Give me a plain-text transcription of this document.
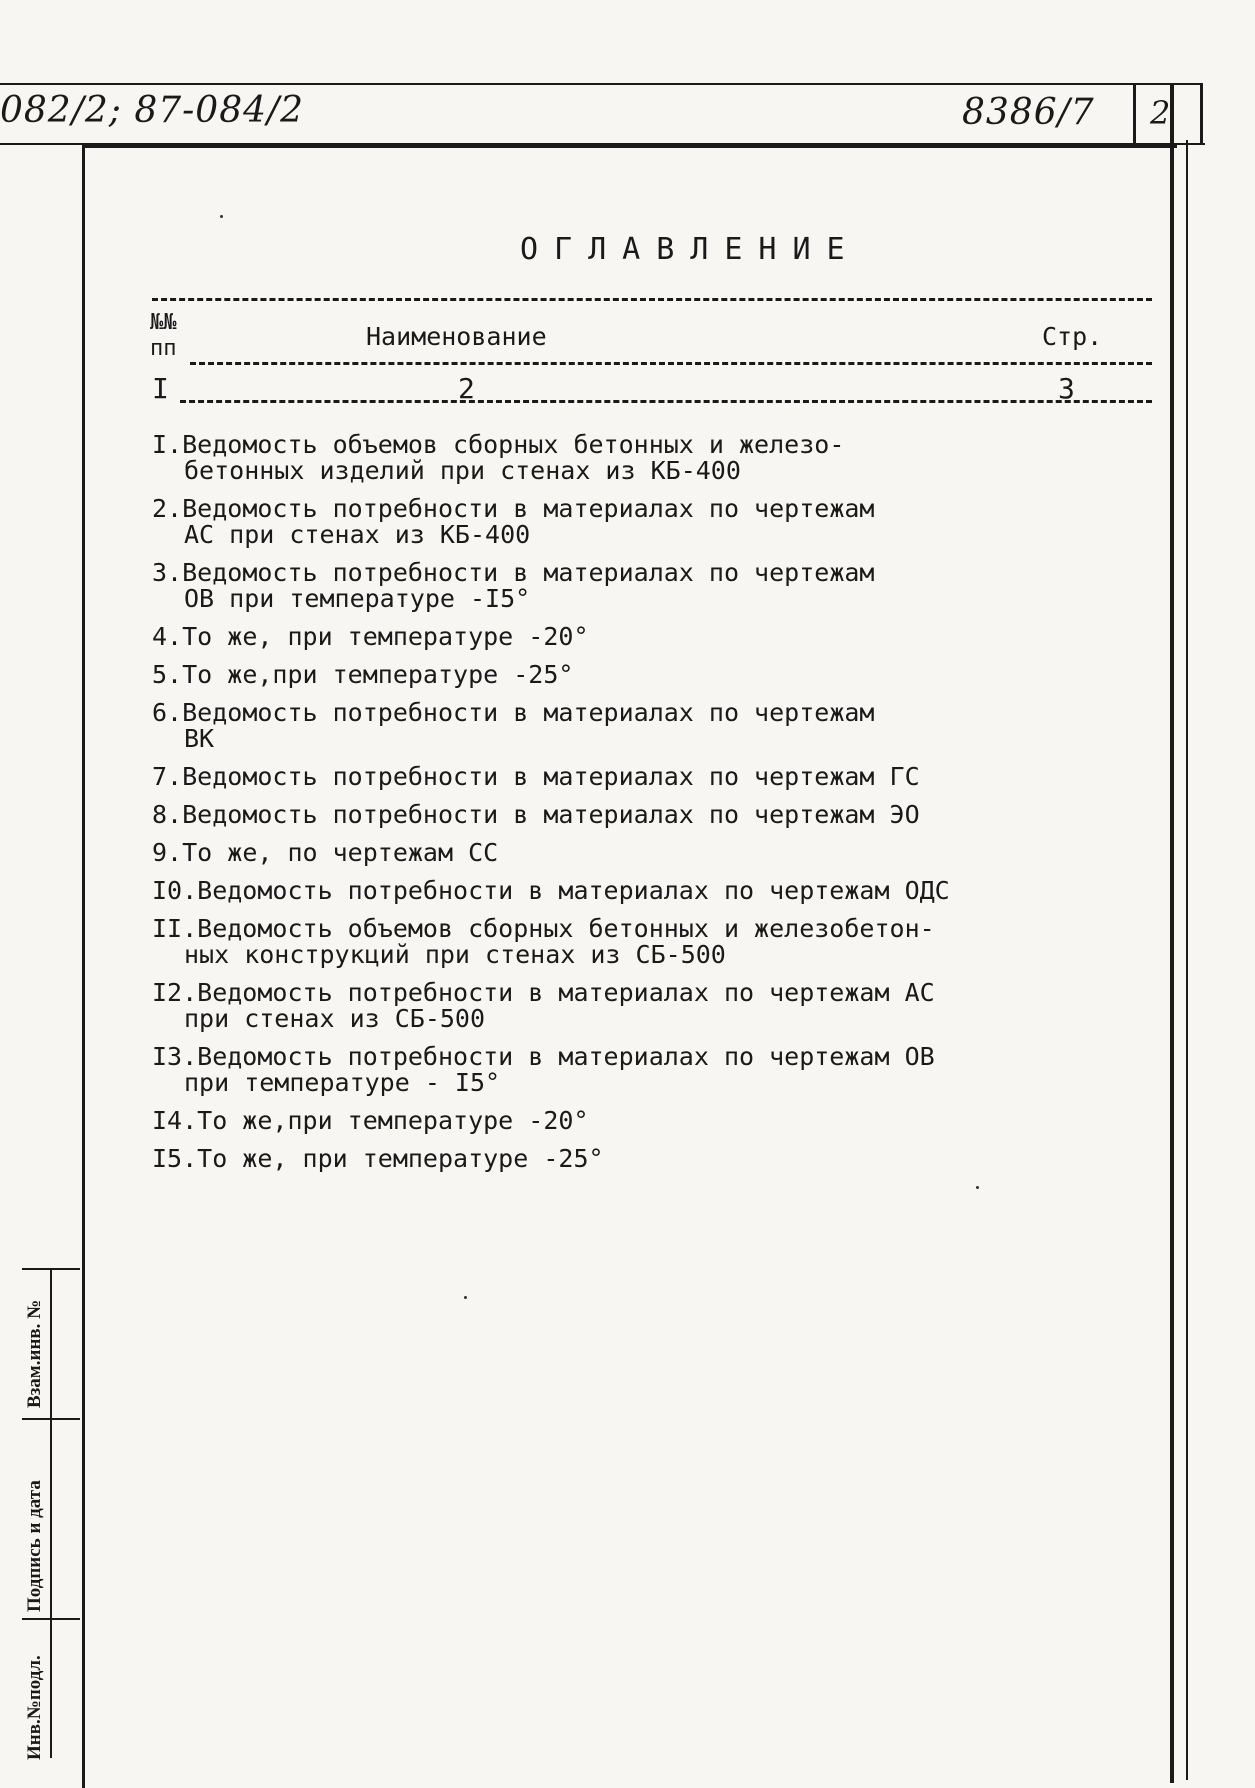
082/2; 87-084/2	8386/7 2
ОГЛАВЛЕНИЕ
№№
пп	Наименование	Стр.
I	2	3
I.Ведомость объемов сборных бетонных и железо-
бетонных изделий при стенах из КБ-400
2.Ведомость потребности в материалах по чертежам
АС при стенах из КБ-400
3.Ведомость потребности в материалах по чертежам
ОВ при температуре -I5°
4.То же, при температуре -20°
5.То же,при температуре -25°
6.Ведомость потребности в материалах по чертежам
ВК
7.Ведомость потребности в материалах по чертежам ГС
8.Ведомость потребности в материалах по чертежам ЭО
9.То же, по чертежам СС
I0.Ведомость потребности в материалах по чертежам ОДС
II.Ведомость объемов сборных бетонных и железобетон-
ных конструкций при стенах из СБ-500
I2.Ведомость потребности в материалах по чертежам АС
при стенах из СБ-500
I3.Ведомость потребности в материалах по чертежам ОВ
при температуре - I5°
I4.То же,при температуре -20°
I5.То же, при температуре -25°
Взам.инв. №
Подпись и дата
Инв.№подл.
